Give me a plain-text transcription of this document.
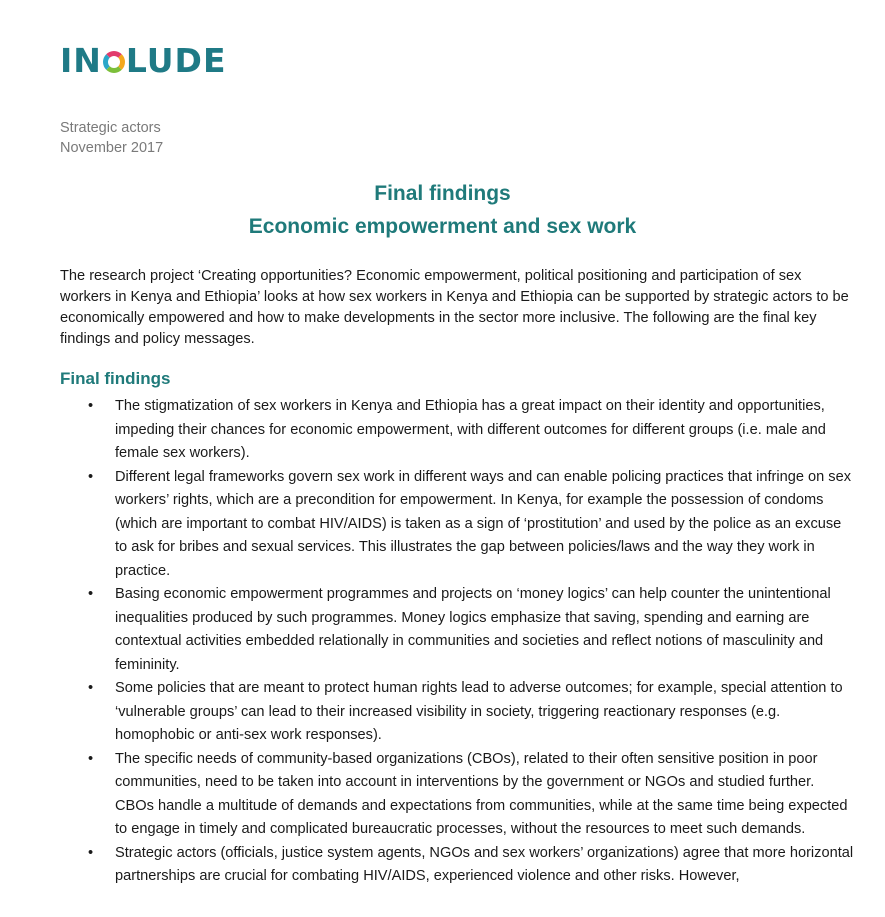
IN LUDE
Strategic actors
November 2017
Final findings
Economic empowerment and sex work

The research project ‘Creating opportunities? Economic empowerment, political positioning and participation of sex workers in Kenya and Ethiopia’ looks at how sex workers in Kenya and Ethiopia can be supported by strategic actors to be economically empowered and how to make developments in the sector more inclusive. The following are the final key findings and policy messages.

Final findings
• The stigmatization of sex workers in Kenya and Ethiopia has a great impact on their identity and opportunities, impeding their chances for economic empowerment, with different outcomes for different groups (i.e. male and female sex workers).
• Different legal frameworks govern sex work in different ways and can enable policing practices that infringe on sex workers’ rights, which are a precondition for empowerment. In Kenya, for example the possession of condoms (which are important to combat HIV/AIDS) is taken as a sign of ‘prostitution’ and used by the police as an excuse to ask for bribes and sexual services. This illustrates the gap between policies/laws and the way they work in practice.
• Basing economic empowerment programmes and projects on ‘money logics’ can help counter the unintentional inequalities produced by such programmes. Money logics emphasize that saving, spending and earning are contextual activities embedded relationally in communities and societies and reflect notions of masculinity and femininity.
• Some policies that are meant to protect human rights lead to adverse outcomes; for example, special attention to ‘vulnerable groups’ can lead to their increased visibility in society, triggering reactionary responses (e.g. homophobic or anti-sex work responses).
• The specific needs of community-based organizations (CBOs), related to their often sensitive position in poor communities, need to be taken into account in interventions by the government or NGOs and studied further. CBOs handle a multitude of demands and expectations from communities, while at the same time being expected to engage in timely and complicated bureaucratic processes, without the resources to meet such demands.
• Strategic actors (officials, justice system agents, NGOs and sex workers’ organizations) agree that more horizontal partnerships are crucial for combating HIV/AIDS, experienced violence and other risks. However,
